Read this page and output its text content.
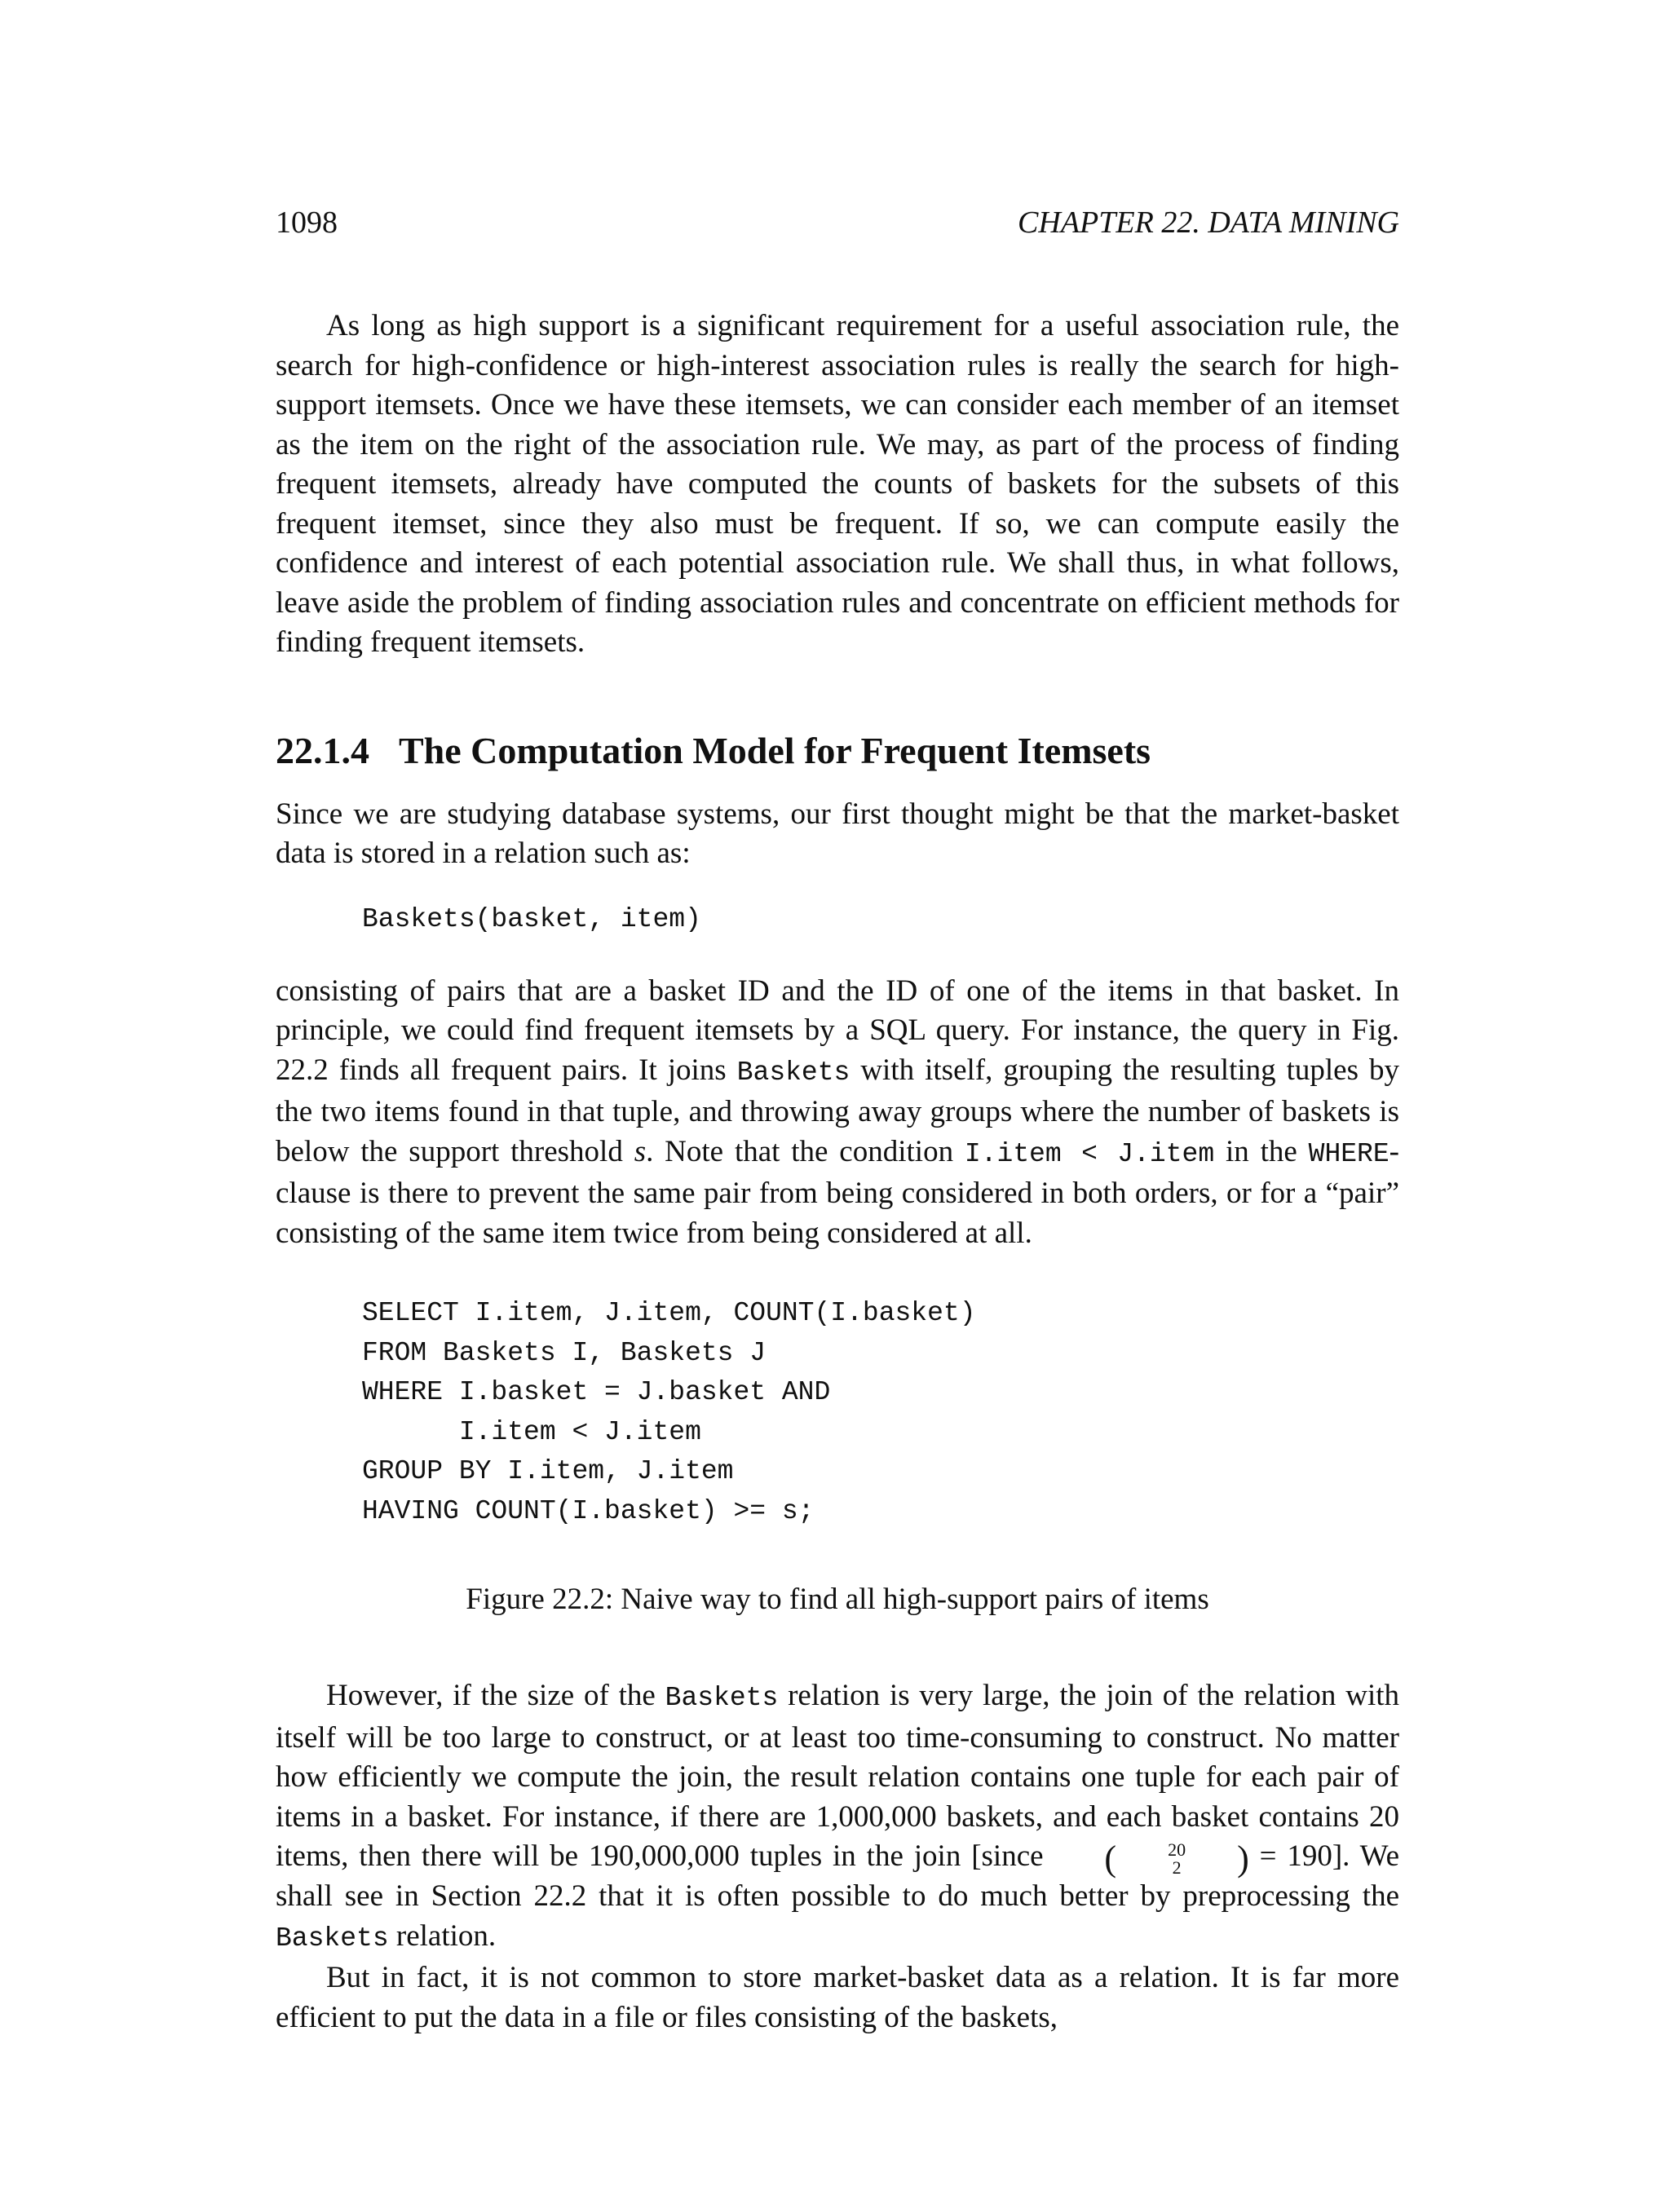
1098	CHAPTER 22. DATA MINING

As long as high support is a significant requirement for a useful association rule, the search for high-confidence or high-interest association rules is really the search for high-support itemsets. Once we have these itemsets, we can consider each member of an itemset as the item on the right of the association rule. We may, as part of the process of finding frequent itemsets, already have computed the counts of baskets for the subsets of this frequent itemset, since they also must be frequent. If so, we can compute easily the confidence and interest of each potential association rule. We shall thus, in what follows, leave aside the problem of finding association rules and concentrate on efficient methods for finding frequent itemsets.

22.1.4 The Computation Model for Frequent Itemsets

Since we are studying database systems, our first thought might be that the market-basket data is stored in a relation such as:

Baskets(basket, item)

consisting of pairs that are a basket ID and the ID of one of the items in that basket. In principle, we could find frequent itemsets by a SQL query. For instance, the query in Fig. 22.2 finds all frequent pairs. It joins Baskets with itself, grouping the resulting tuples by the two items found in that tuple, and throwing away groups where the number of baskets is below the support threshold s. Note that the condition I.item < J.item in the WHERE-clause is there to prevent the same pair from being considered in both orders, or for a “pair” consisting of the same item twice from being considered at all.

SELECT I.item, J.item, COUNT(I.basket)
FROM Baskets I, Baskets J
WHERE I.basket = J.basket AND
I.item < J.item
GROUP BY I.item, J.item
HAVING COUNT(I.basket) >= s;
Figure 22.2: Naive way to find all high-support pairs of items

However, if the size of the Baskets relation is very large, the join of the relation with itself will be too large to construct, or at least too time-consuming to construct. No matter how efficiently we compute the join, the result relation contains one tuple for each pair of items in a basket. For instance, if there are 1,000,000 baskets, and each basket contains 20 items, then there will be 190,000,000 tuples in the join [since	(	20
2	) = 190]. We shall see in Section 22.2 that it is often possible to do much better by preprocessing the Baskets relation.

But in fact, it is not common to store market-basket data as a relation. It is far more efficient to put the data in a file or files consisting of the baskets,
